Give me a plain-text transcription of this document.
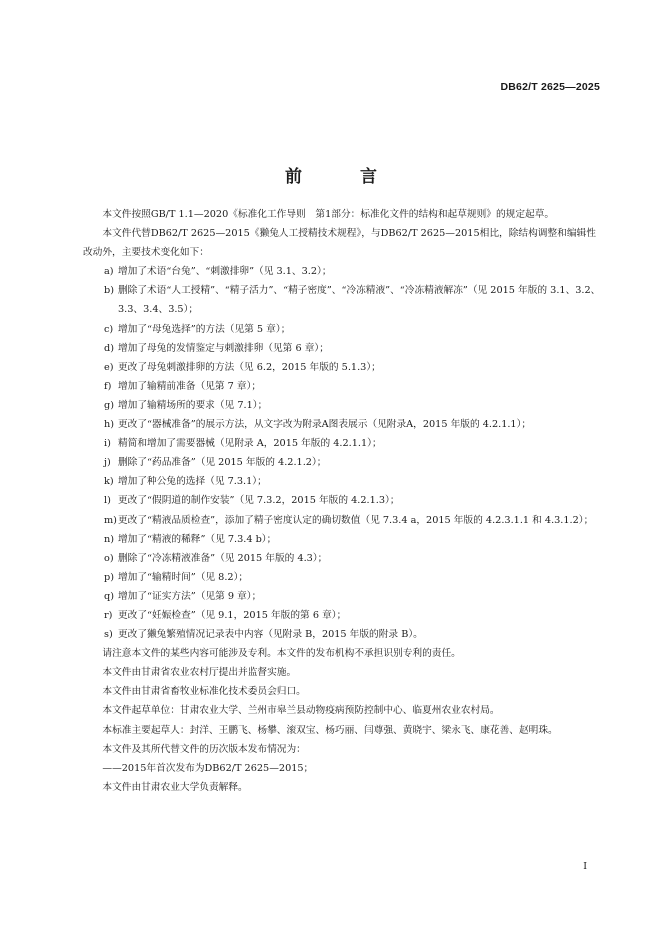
DB62/T 2625—2025
前 言

本文件按照GB/T 1.1—2020《标准化工作导则　第1部分：标准化文件的结构和起草规则》的规定起草。

本文件代替DB62/T 2625—2015《獭兔人工授精技术规程》，与DB62/T 2625—2015相比，除结构调整和编辑性改动外，主要技术变化如下：

a) 增加了术语“台兔”、“刺激排卵”（见 3.1、3.2）；
b) 删除了术语“人工授精”、“精子活力”、“精子密度”、“冷冻精液”、“冷冻精液解冻”（见 2015 年版的 3.1、3.2、3.3、3.4、3.5）；
c) 增加了“母兔选择”的方法（见第 5 章）；
d) 增加了母兔的发情鉴定与刺激排卵（见第 6 章）；
e) 更改了母兔刺激排卵的方法（见 6.2，2015 年版的 5.1.3）；
f) 增加了输精前准备（见第 7 章）；
g) 增加了输精场所的要求（见 7.1）；
h) 更改了“器械准备”的展示方法，从文字改为附录A图表展示（见附录A，2015 年版的 4.2.1.1）；
i) 精简和增加了需要器械（见附录 A，2015 年版的 4.2.1.1）；
j) 删除了“药品准备”（见 2015 年版的 4.2.1.2）；
k) 增加了种公兔的选择（见 7.3.1）；
l) 更改了“假阴道的制作安装”（见 7.3.2，2015 年版的 4.2.1.3）；
m) 更改了“精液品质检查”，添加了精子密度认定的确切数值（见 7.3.4 a，2015 年版的 4.2.3.1.1 和 4.3.1.2）；
n) 增加了“精液的稀释”（见 7.3.4 b）；
o) 删除了“冷冻精液准备”（见 2015 年版的 4.3）；
p) 增加了“输精时间”（见 8.2）；
q) 增加了“证实方法”（见第 9 章）；
r) 更改了“妊娠检查”（见 9.1，2015 年版的第 6 章）；
s) 更改了獭兔繁殖情况记录表中内容（见附录 B，2015 年版的附录 B）。

请注意本文件的某些内容可能涉及专利。本文件的发布机构不承担识别专利的责任。

本文件由甘肃省农业农村厅提出并监督实施。

本文件由甘肃省畜牧业标准化技术委员会归口。

本文件起草单位：甘肃农业大学、兰州市皋兰县动物疫病预防控制中心、临夏州农业农村局。

本标准主要起草人：封洋、王鹏飞、杨攀、滚双宝、杨巧丽、闫尊强、黄晓宇、梁永飞、康花善、赵明珠。

本文件及其所代替文件的历次版本发布情况为：

——2015年首次发布为DB62/T 2625—2015；

本文件由甘肃农业大学负责解释。

I
